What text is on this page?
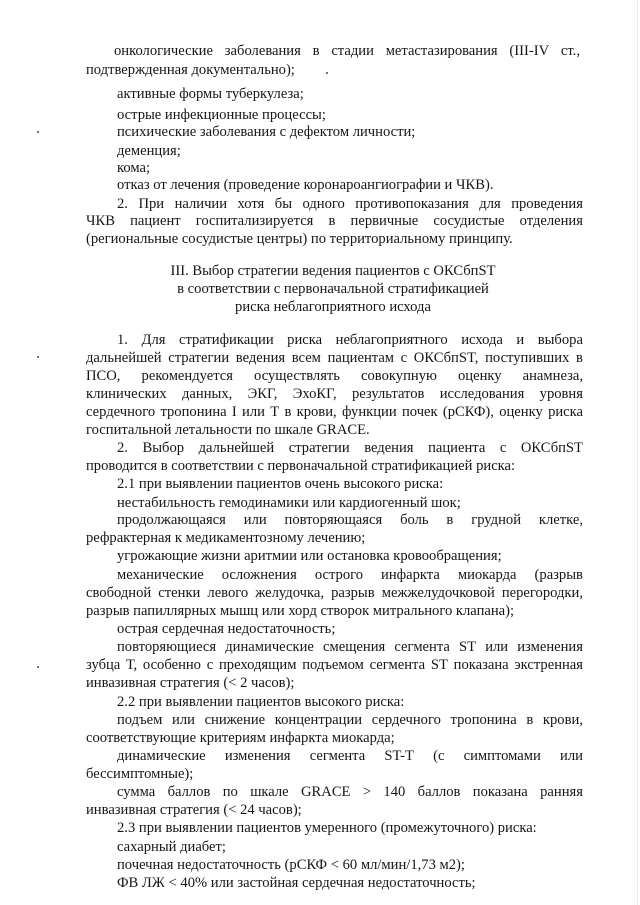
онкологические заболевания в стадии метастазирования (III-IV ст.,

подтвержденная документально);

активные формы туберкулеза;

острые инфекционные процессы;

психические заболевания с дефектом личности;

деменция;

кома;

отказ от лечения (проведение коронароангиографии и ЧКВ).

2. При наличии хотя бы одного противопоказания для проведения

ЧКВ пациент госпитализируется в первичные сосудистые отделения

(региональные сосудистые центры) по территориальному принципу.

III. Выбор стратегии ведения пациентов с ОКСбпST

в соответствии с первоначальной стратификацией

риска неблагоприятного исхода

1. Для стратификации риска неблагоприятного исхода и выбора

дальнейшей стратегии ведения всем пациентам с ОКСбпST, поступивших в

ПСО, рекомендуется осуществлять совокупную оценку анамнеза,

клинических данных, ЭКГ, ЭхоКГ, результатов исследования уровня

сердечного тропонина I или Т в крови, функции почек (рСКФ), оценку риска

госпитальной летальности по шкале GRACE.

2. Выбор дальнейшей стратегии ведения пациента с ОКСбпST

проводится в соответствии с первоначальной стратификацией риска:

2.1 при выявлении пациентов очень высокого риска:

нестабильность гемодинамики или кардиогенный шок;

продолжающаяся или повторяющаяся боль в грудной клетке,

рефрактерная к медикаментозному лечению;

угрожающие жизни аритмии или остановка кровообращения;

механические осложнения острого инфаркта миокарда (разрыв

свободной стенки левого желудочка, разрыв межжелудочковой перегородки,

разрыв папиллярных мышц или хорд створок митрального клапана);

острая сердечная недостаточность;

повторяющиеся динамические смещения сегмента ST или изменения

зубца Т, особенно с преходящим подъемом сегмента ST показана экстренная

инвазивная стратегия (< 2 часов);

2.2 при выявлении пациентов высокого риска:

подъем или снижение концентрации сердечного тропонина в крови,

соответствующие критериям инфаркта миокарда;

динамические изменения сегмента ST-T (с симптомами или

бессимптомные);

сумма баллов по шкале GRACE > 140 баллов показана ранняя

инвазивная стратегия (< 24 часов);

2.3 при выявлении пациентов умеренного (промежуточного) риска:

сахарный диабет;

почечная недостаточность (рСКФ < 60 мл/мин/1,73 м2);

ФВ ЛЖ < 40% или застойная сердечная недостаточность;
